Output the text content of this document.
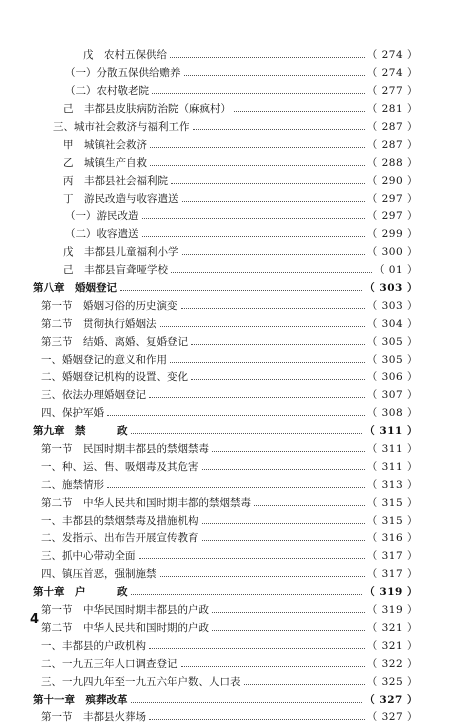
戊　农村五保供给	（ 274 ）
（一）分散五保供给赡养	（ 274 ）
（二）农村敬老院	（ 277 ）
己　丰都县皮肤病防治院（麻疯村）	（ 281 ）
三、城市社会救济与福利工作	（ 287 ）
甲　城镇社会救济	（ 287 ）
乙　城镇生产自救	（ 288 ）
丙　丰都县社会福利院	（ 290 ）
丁　游民改造与收容遣送	（ 297 ）
（一）游民改造	（ 297 ）
（二）收容遣送	（ 299 ）
戊　丰都县儿童福利小学	（ 300 ）
己　丰都县盲聋哑学校	（ 01 ）
第八章　婚姻登记	（ 303 ）
第一节　婚姻习俗的历史演变	（ 303 ）
第二节　贯彻执行婚姻法	（ 304 ）
第三节　结婚、离婚、复婚登记	（ 305 ）
一、婚姻登记的意义和作用	（ 305 ）
二、婚姻登记机构的设置、变化	（ 306 ）
三、依法办理婚姻登记	（ 307 ）
四、保护军婚	（ 308 ）
第九章　禁　　　政	（ 311 ）
第一节　民国时期丰都县的禁烟禁毒	（ 311 ）
一、种、运、售、吸烟毒及其危害	（ 311 ）
二、施禁情形	（ 313 ）
第二节　中华人民共和国时期丰都的禁烟禁毒	（ 315 ）
一、丰都县的禁烟禁毒及措施机构	（ 315 ）
二、发指示、出布告开展宣传教育	（ 316 ）
三、抓中心带动全面	（ 317 ）
四、镇压首恶，强制施禁	（ 317 ）
第十章　户　　　政	（ 319 ）
第一节　中华民国时期丰都县的户政	（ 319 ）
第二节　中华人民共和国时期的户政	（ 321 ）
一、丰都县的户政机构	（ 321 ）
二、一九五三年人口调查登记	（ 322 ）
三、一九四九年至一九五六年户数、人口表	（ 325 ）
第十一章　殡葬改革	（ 327 ）
第一节　丰都县火葬场	（ 327 ）
4
